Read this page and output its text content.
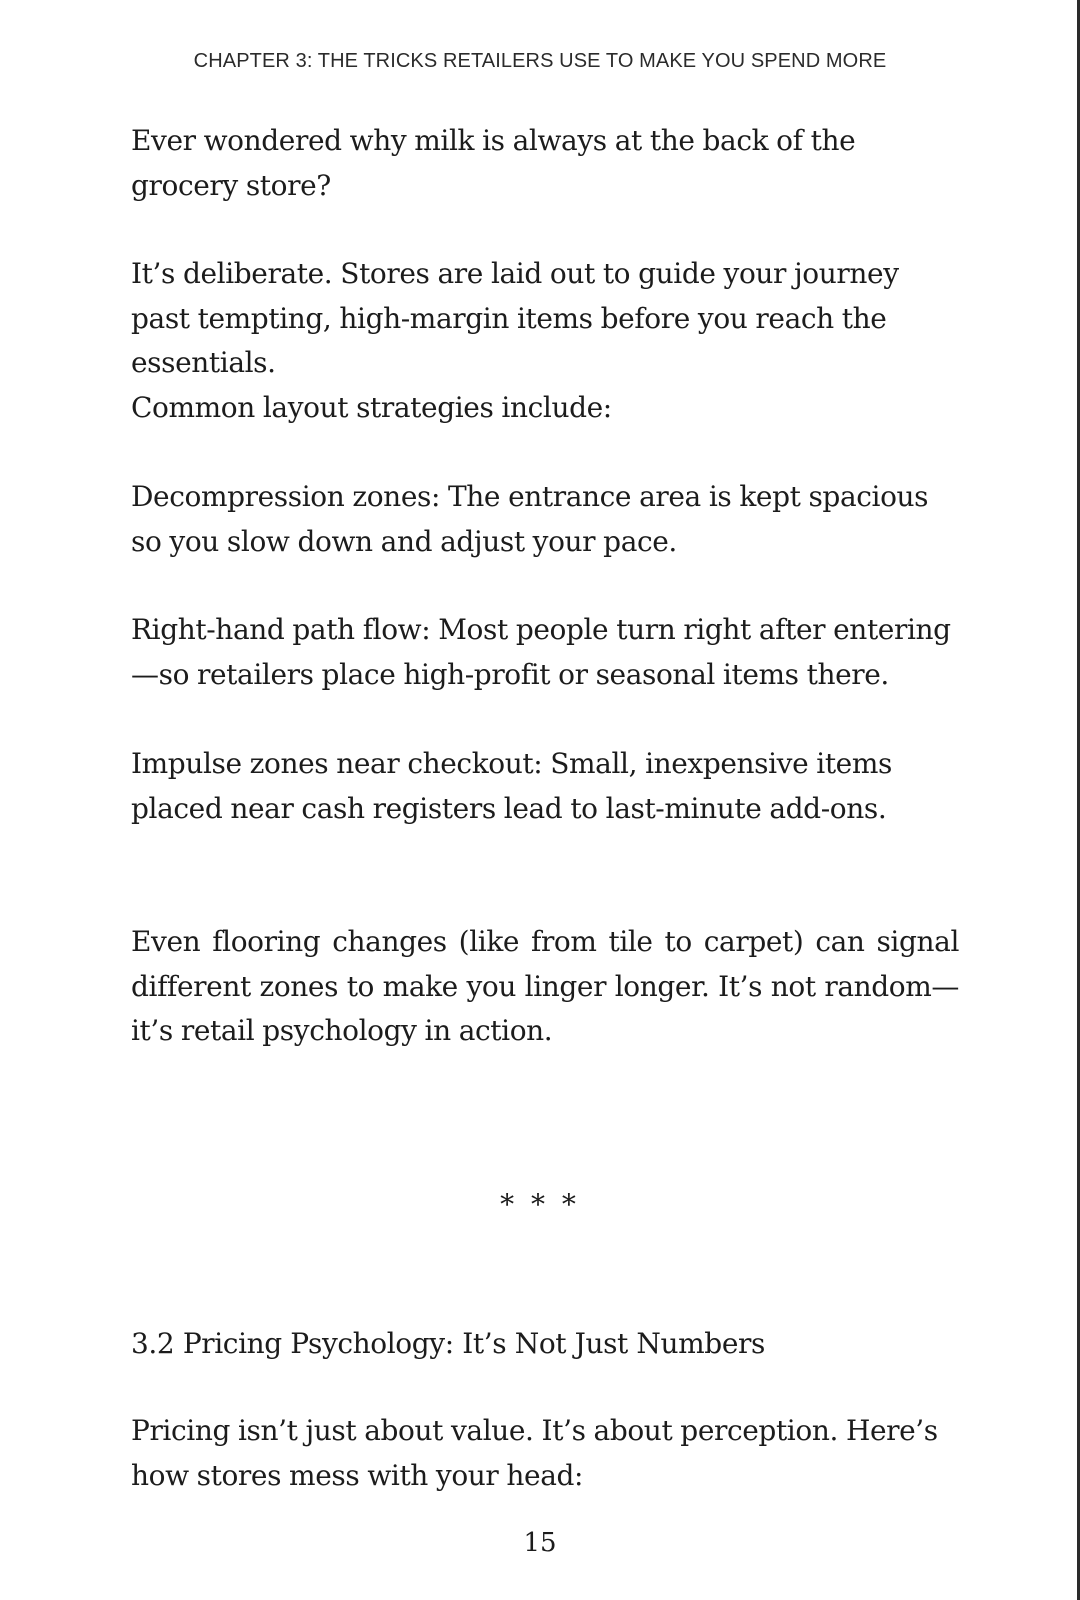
CHAPTER 3: THE TRICKS RETAILERS USE TO MAKE YOU SPEND MORE

Ever wondered why milk is always at the back of the grocery store?

It’s deliberate. Stores are laid out to guide your journey past tempting, high-margin items before you reach the essentials.

Common layout strategies include:

Decompression zones: The entrance area is kept spacious so you slow down and adjust your pace.

Right-hand path flow: Most people turn right after entering—so retailers place high-profit or seasonal items there.

Impulse zones near checkout: Small, inexpensive items placed near cash registers lead to last-minute add-ons.

Even flooring changes (like from tile to carpet) can signal different zones to make you linger longer. It’s not random—it’s retail psychology in action.

* * *
3.2 Pricing Psychology: It’s Not Just Numbers

Pricing isn’t just about value. It’s about perception. Here’s how stores mess with your head:

15
